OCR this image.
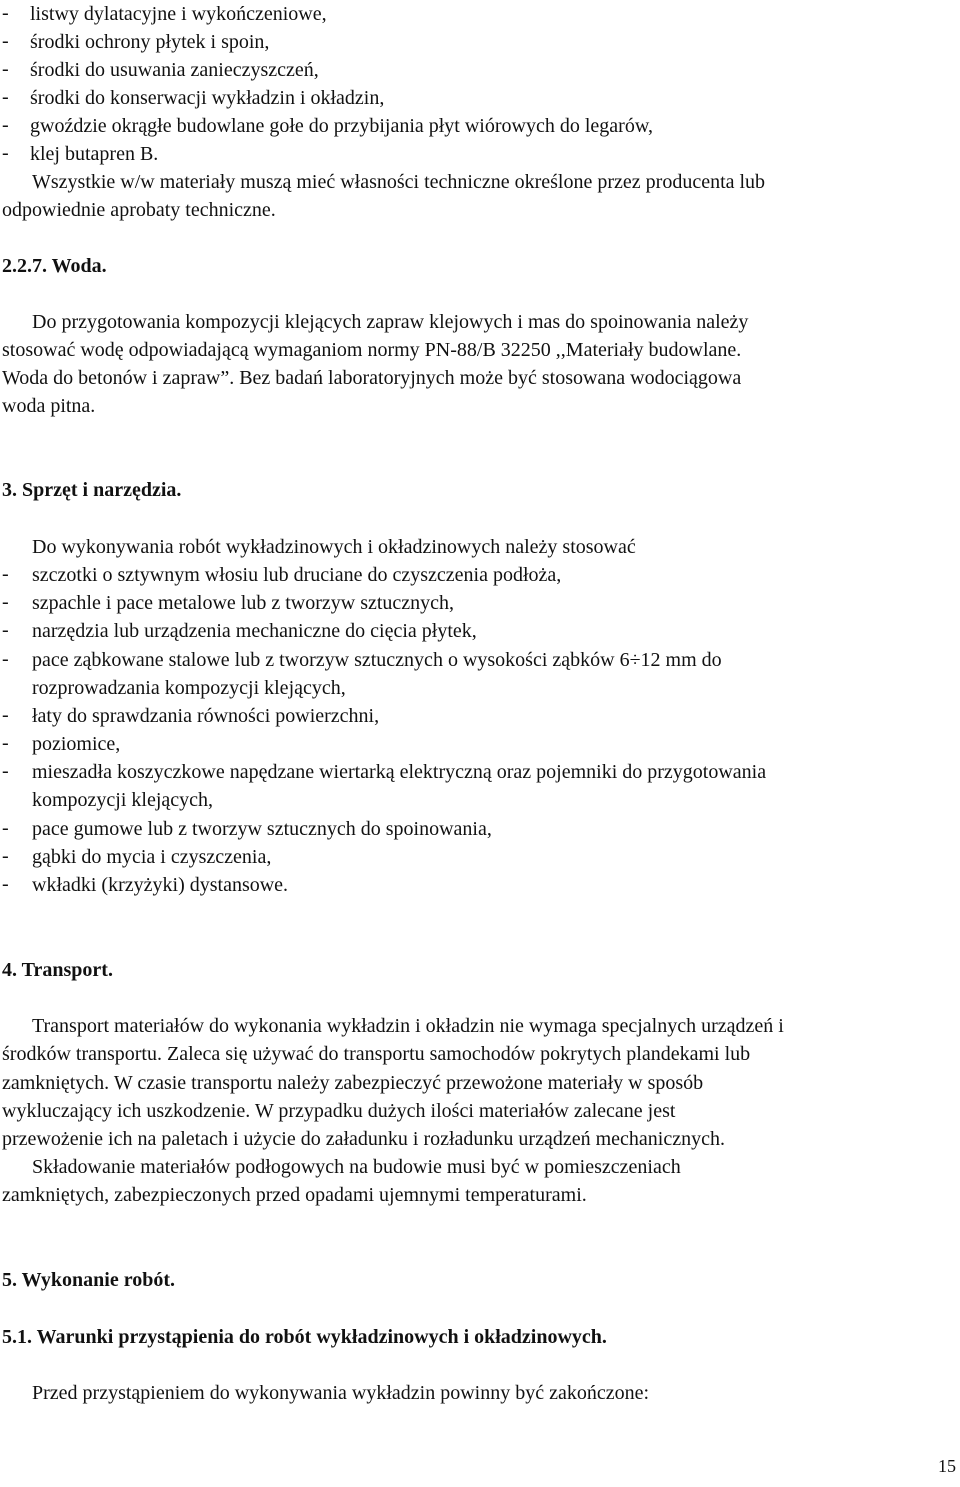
- listwy dylatacyjne i wykończeniowe,
- środki ochrony płytek i spoin,
- środki do usuwania zanieczyszczeń,
- środki do konserwacji wykładzin i okładzin,
- gwoździe okrągłe budowlane gołe do przybijania płyt wiórowych do legarów,
- klej butapren B.
Wszystkie w/w materiały muszą mieć własności techniczne określone przez producenta lub
odpowiednie aprobaty techniczne.
2.2.7. Woda.
Do przygotowania kompozycji klejących zapraw klejowych i mas do spoinowania należy
stosować wodę odpowiadającą wymaganiom normy PN-88/B 32250 ,,Materiały budowlane.
Woda do betonów i zapraw”. Bez badań laboratoryjnych może być stosowana wodociągowa
woda pitna.
3. Sprzęt i narzędzia.
Do wykonywania robót wykładzinowych i okładzinowych należy stosować
- szczotki o sztywnym włosiu lub druciane do czyszczenia podłoża,
- szpachle i pace metalowe lub z tworzyw sztucznych,
- narzędzia lub urządzenia mechaniczne do cięcia płytek,
- pace ząbkowane stalowe lub z tworzyw sztucznych o wysokości ząbków 6÷12 mm do
rozprowadzania kompozycji klejących,
- łaty do sprawdzania równości powierzchni,
- poziomice,
- mieszadła koszyczkowe napędzane wiertarką elektryczną oraz pojemniki do przygotowania
kompozycji klejących,
- pace gumowe lub z tworzyw sztucznych do spoinowania,
- gąbki do mycia i czyszczenia,
- wkładki (krzyżyki) dystansowe.
4. Transport.
Transport materiałów do wykonania wykładzin i okładzin nie wymaga specjalnych urządzeń i
środków transportu. Zaleca się używać do transportu samochodów pokrytych plandekami lub
zamkniętych. W czasie transportu należy zabezpieczyć przewożone materiały w sposób
wykluczający ich uszkodzenie. W przypadku dużych ilości materiałów zalecane jest
przewożenie ich na paletach i użycie do załadunku i rozładunku urządzeń mechanicznych.
Składowanie materiałów podłogowych na budowie musi być w pomieszczeniach
zamkniętych, zabezpieczonych przed opadami ujemnymi temperaturami.
5. Wykonanie robót.
5.1. Warunki przystąpienia do robót wykładzinowych i okładzinowych.
Przed przystąpieniem do wykonywania wykładzin powinny być zakończone:
15
